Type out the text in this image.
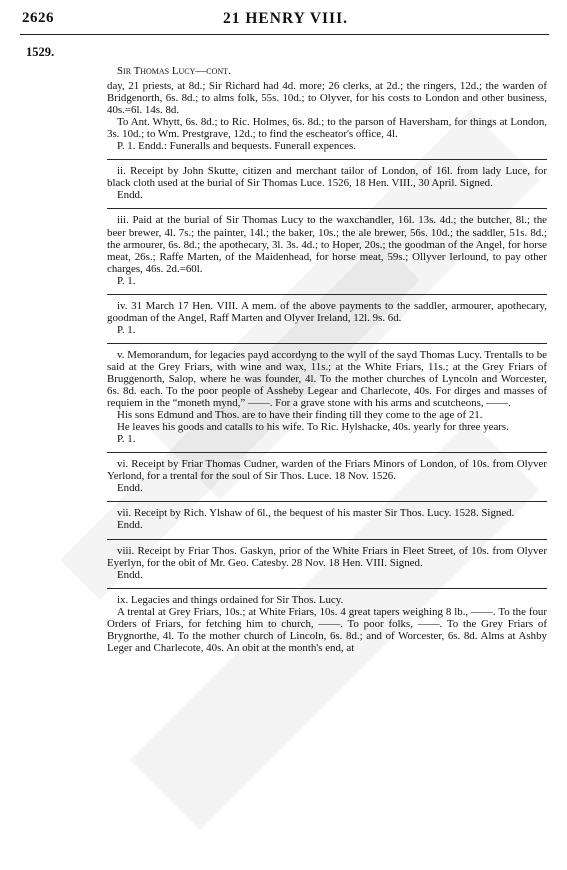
2626	21 HENRY VIII.
1529.

Sir Thomas Lucy—cont.

day, 21 priests, at 8d.; Sir Richard had 4d. more; 26 clerks, at 2d.; the ringers, 12d.; the warden of Bridgenorth, 6s. 8d.; to alms folk, 55s. 10d.; to Olyver, for his costs to London and other business, 40s.=6l. 14s. 8d.

To Ant. Whytt, 6s. 8d.; to Ric. Holmes, 6s. 8d.; to the parson of Haversham, for things at London, 3s. 10d.; to Wm. Prestgrave, 12d.; to find the escheator's office, 4l.

P. 1. Endd.: Funeralls and bequests. Funerall expences.

ii. Receipt by John Skutte, citizen and merchant tailor of London, of 16l. from lady Luce, for black cloth used at the burial of Sir Thomas Luce. 1526, 18 Hen. VIII., 30 April. Signed.

Endd.

iii. Paid at the burial of Sir Thomas Lucy to the waxchandler, 16l. 13s. 4d.; the butcher, 8l.; the beer brewer, 4l. 7s.; the painter, 14l.; the baker, 10s.; the ale brewer, 56s. 10d.; the saddler, 51s. 8d.; the armourer, 6s. 8d.; the apothecary, 3l. 3s. 4d.; to Hoper, 20s.; the goodman of the Angel, for horse meat, 26s.; Raffe Marten, of the Maidenhead, for horse meat, 59s.; Ollyver Ierlound, to pay other charges, 46s. 2d.=60l.

P. 1.

iv. 31 March 17 Hen. VIII. A mem. of the above payments to the saddler, armourer, apothecary, goodman of the Angel, Raff Marten and Olyver Ireland, 12l. 9s. 6d.

P. 1.

v. Memorandum, for legacies payd accordyng to the wyll of the sayd Thomas Lucy. Trentalls to be said at the Grey Friars, with wine and wax, 11s.; at the White Friars, 11s.; at the Grey Friars of Bruggenorth, Salop, where he was founder, 4l. To the mother churches of Lyncoln and Worcester, 6s. 8d. each. To the poor people of Assheby Legear and Charlecote, 40s. For dirges and masses of requiem in the “moneth mynd,” ——. For a grave stone with his arms and scutcheons, ——.

His sons Edmund and Thos. are to have their finding till they come to the age of 21.

He leaves his goods and catalls to his wife. To Ric. Hylshacke, 40s. yearly for three years.

P. 1.

vi. Receipt by Friar Thomas Cudner, warden of the Friars Minors of London, of 10s. from Olyver Yerlond, for a trental for the soul of Sir Thos. Luce. 18 Nov. 1526.

Endd.

vii. Receipt by Rich. Ylshaw of 6l., the bequest of his master Sir Thos. Lucy. 1528. Signed.

Endd.

viii. Receipt by Friar Thos. Gaskyn, prior of the White Friars in Fleet Street, of 10s. from Olyver Eyerlyn, for the obit of Mr. Geo. Catesby. 28 Nov. 18 Hen. VIII. Signed.

Endd.

ix. Legacies and things ordained for Sir Thos. Lucy.

A trental at Grey Friars, 10s.; at White Friars, 10s. 4 great tapers weighing 8 lb., ——. To the four Orders of Friars, for fetching him to church, ——. To poor folks, ——. To the Grey Friars of Brygnorthe, 4l. To the mother church of Lincoln, 6s. 8d.; and of Worcester, 6s. 8d. Alms at Ashby Leger and Charlecote, 40s. An obit at the month's end, at
